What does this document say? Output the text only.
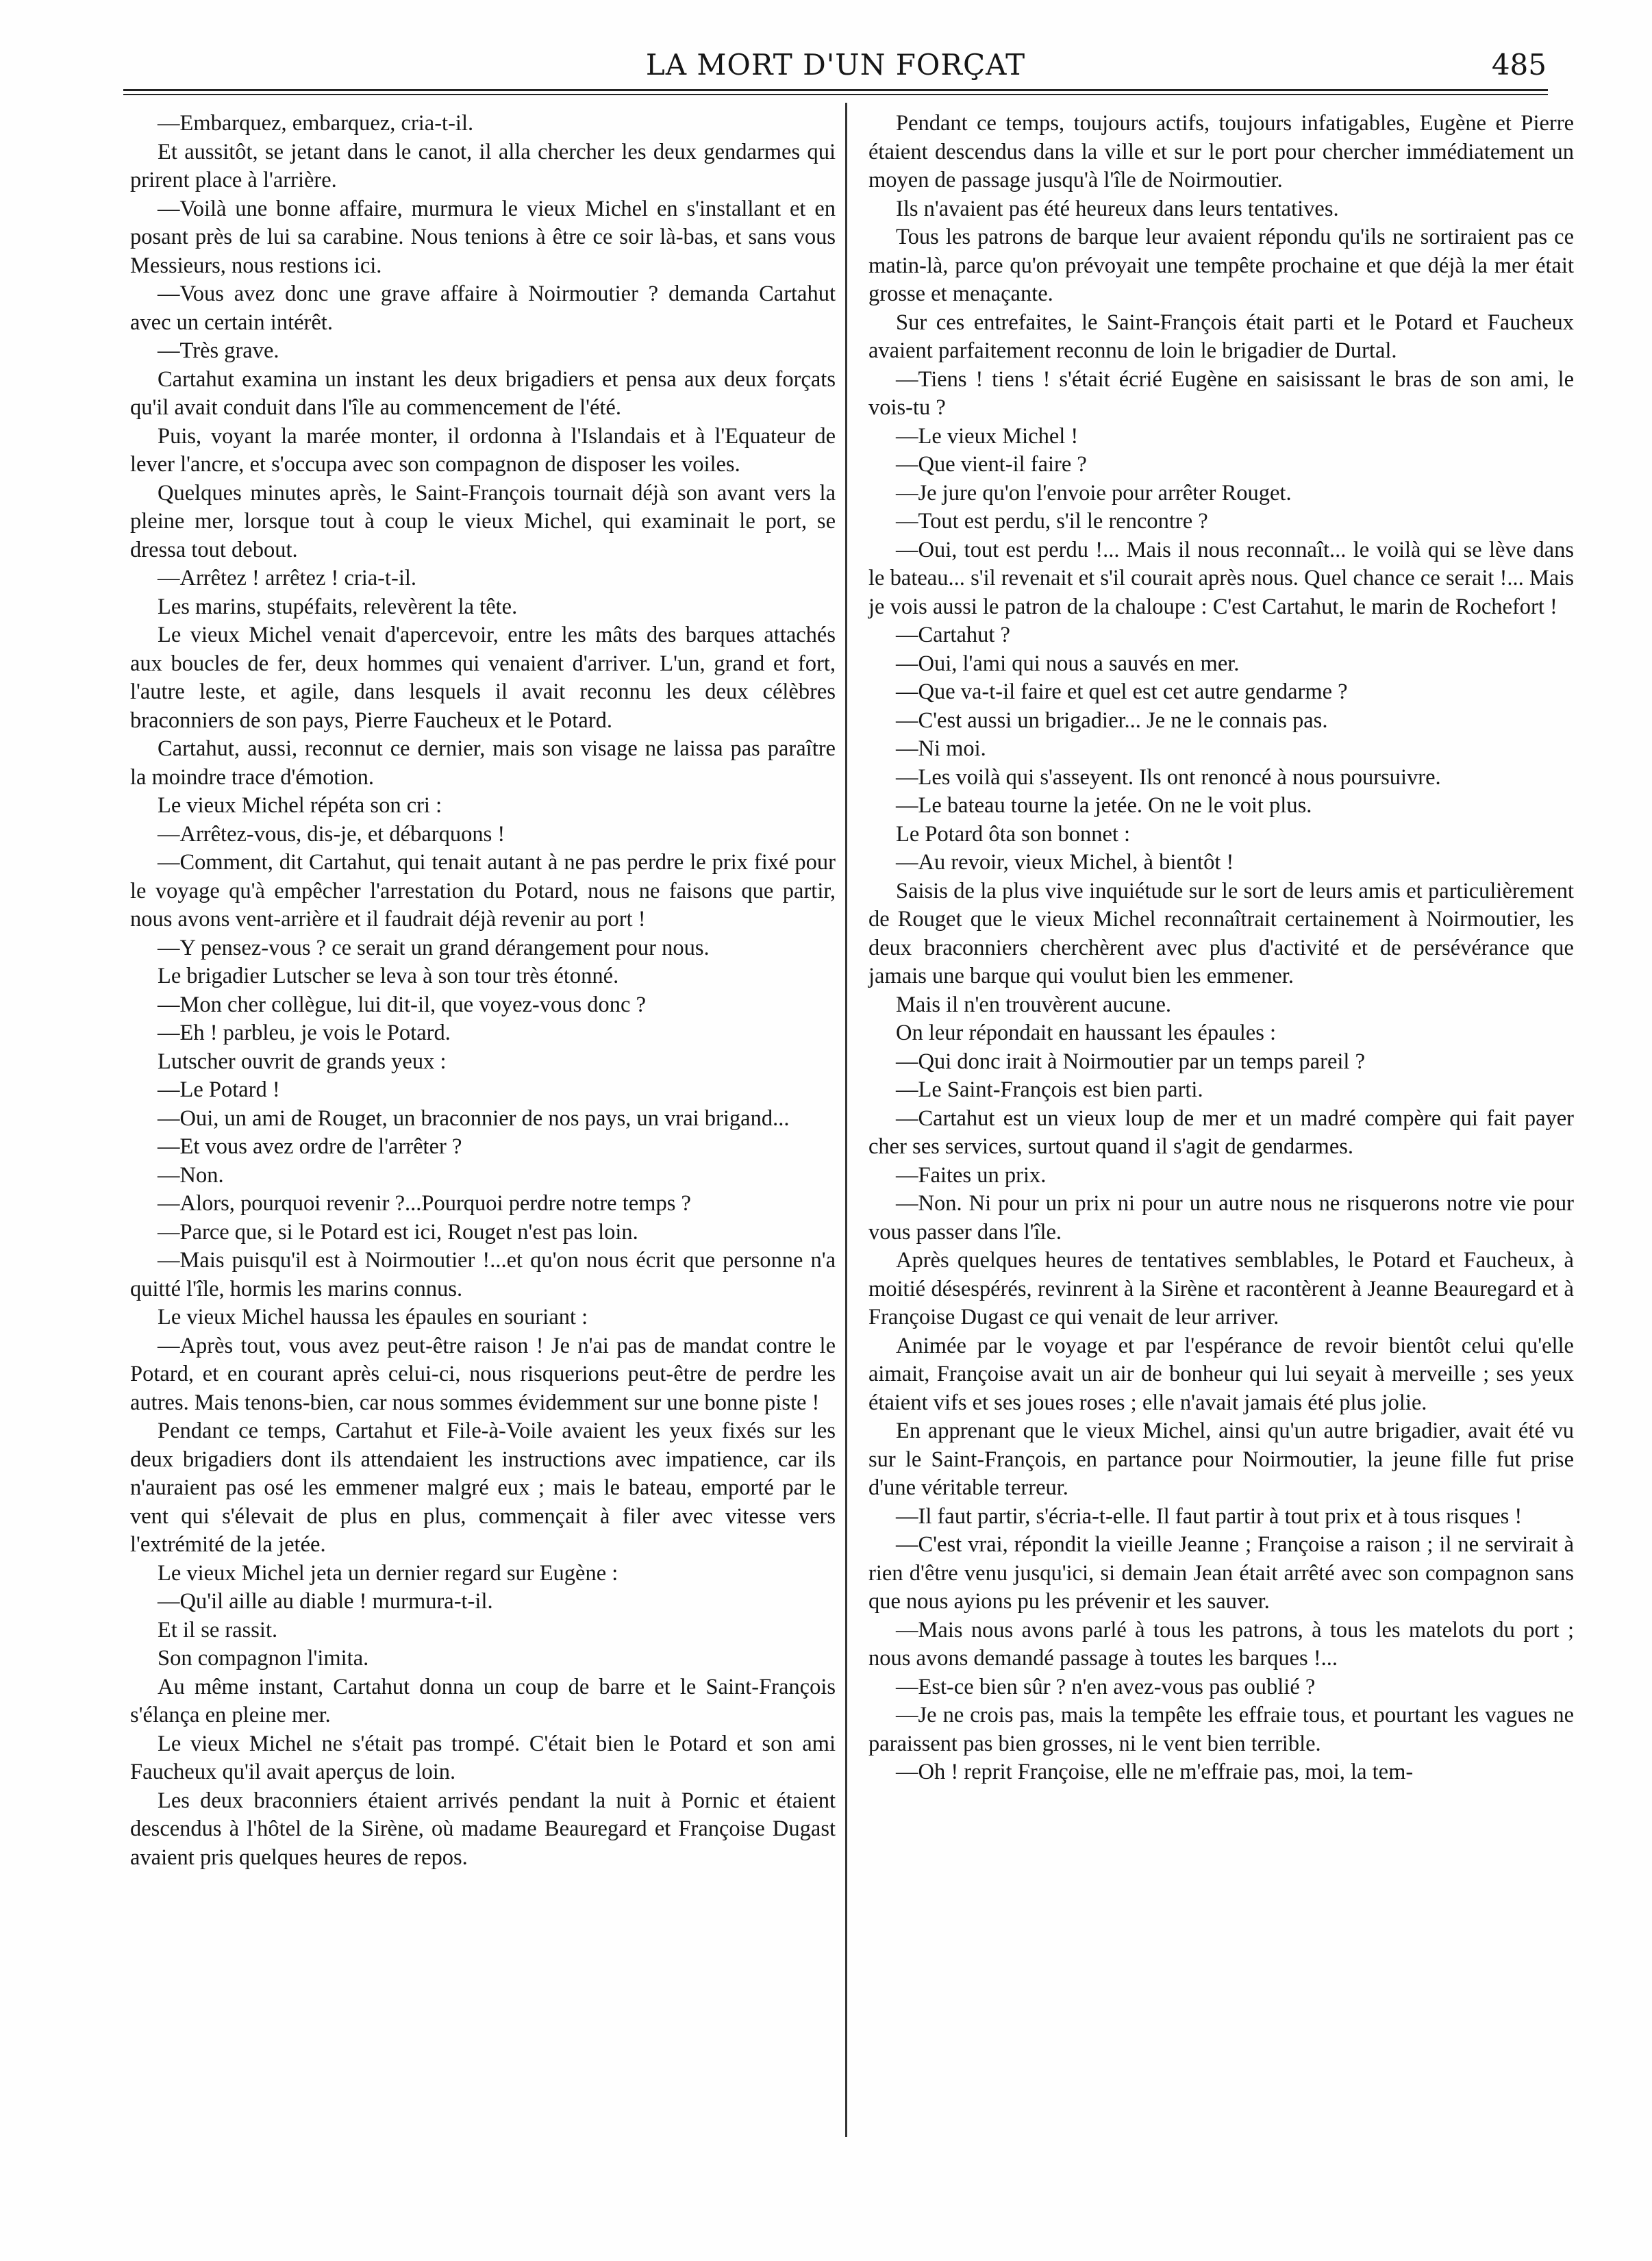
LA MORT D'UN FORÇAT	485

—Embarquez, embarquez, cria-t-il.

Et aussitôt, se jetant dans le canot, il alla chercher les deux gendarmes qui prirent place à l'arrière.

—Voilà une bonne affaire, murmura le vieux Michel en s'installant et en posant près de lui sa carabine. Nous tenions à être ce soir là-bas, et sans vous Messieurs, nous restions ici.

—Vous avez donc une grave affaire à Noirmoutier ? demanda Cartahut avec un certain intérêt.

—Très grave.

Cartahut examina un instant les deux brigadiers et pensa aux deux forçats qu'il avait conduit dans l'île au commencement de l'été.

Puis, voyant la marée monter, il ordonna à l'Islandais et à l'Equateur de lever l'ancre, et s'occupa avec son compagnon de disposer les voiles.

Quelques minutes après, le Saint-François tournait déjà son avant vers la pleine mer, lorsque tout à coup le vieux Michel, qui examinait le port, se dressa tout debout.

—Arrêtez ! arrêtez ! cria-t-il.

Les marins, stupéfaits, relevèrent la tête.

Le vieux Michel venait d'apercevoir, entre les mâts des barques attachés aux boucles de fer, deux hommes qui venaient d'arriver. L'un, grand et fort, l'autre leste, et agile, dans lesquels il avait reconnu les deux célèbres braconniers de son pays, Pierre Faucheux et le Potard.

Cartahut, aussi, reconnut ce dernier, mais son visage ne laissa pas paraître la moindre trace d'émotion.

Le vieux Michel répéta son cri :

—Arrêtez-vous, dis-je, et débarquons !

—Comment, dit Cartahut, qui tenait autant à ne pas perdre le prix fixé pour le voyage qu'à empêcher l'arrestation du Potard, nous ne faisons que partir, nous avons vent-arrière et il faudrait déjà revenir au port !

—Y pensez-vous ? ce serait un grand dérangement pour nous.

Le brigadier Lutscher se leva à son tour très étonné.

—Mon cher collègue, lui dit-il, que voyez-vous donc ?

—Eh ! parbleu, je vois le Potard.

Lutscher ouvrit de grands yeux :

—Le Potard !

—Oui, un ami de Rouget, un braconnier de nos pays, un vrai brigand...

—Et vous avez ordre de l'arrêter ?

—Non.

—Alors, pourquoi revenir ?...Pourquoi perdre notre temps ?

—Parce que, si le Potard est ici, Rouget n'est pas loin.

—Mais puisqu'il est à Noirmoutier !...et qu'on nous écrit que personne n'a quitté l'île, hormis les marins connus.

Le vieux Michel haussa les épaules en souriant :

—Après tout, vous avez peut-être raison ! Je n'ai pas de mandat contre le Potard, et en courant après celui-ci, nous risquerions peut-être de perdre les autres. Mais tenons-bien, car nous sommes évidemment sur une bonne piste !

Pendant ce temps, Cartahut et File-à-Voile avaient les yeux fixés sur les deux brigadiers dont ils attendaient les instructions avec impatience, car ils n'auraient pas osé les emmener malgré eux ; mais le bateau, emporté par le vent qui s'élevait de plus en plus, commençait à filer avec vitesse vers l'extrémité de la jetée.

Le vieux Michel jeta un dernier regard sur Eugène :

—Qu'il aille au diable ! murmura-t-il.

Et il se rassit.

Son compagnon l'imita.

Au même instant, Cartahut donna un coup de barre et le Saint-François s'élança en pleine mer.

Le vieux Michel ne s'était pas trompé. C'était bien le Potard et son ami Faucheux qu'il avait aperçus de loin.

Les deux braconniers étaient arrivés pendant la nuit à Pornic et étaient descendus à l'hôtel de la Sirène, où madame Beauregard et Françoise Dugast avaient pris quelques heures de repos.

Pendant ce temps, toujours actifs, toujours infatigables, Eugène et Pierre étaient descendus dans la ville et sur le port pour chercher immédiatement un moyen de passage jusqu'à l'île de Noirmoutier.

Ils n'avaient pas été heureux dans leurs tentatives.

Tous les patrons de barque leur avaient répondu qu'ils ne sortiraient pas ce matin-là, parce qu'on prévoyait une tempête prochaine et que déjà la mer était grosse et menaçante.

Sur ces entrefaites, le Saint-François était parti et le Potard et Faucheux avaient parfaitement reconnu de loin le brigadier de Durtal.

—Tiens ! tiens ! s'était écrié Eugène en saisissant le bras de son ami, le vois-tu ?

—Le vieux Michel !

—Que vient-il faire ?

—Je jure qu'on l'envoie pour arrêter Rouget.

—Tout est perdu, s'il le rencontre ?

—Oui, tout est perdu !... Mais il nous reconnaît... le voilà qui se lève dans le bateau... s'il revenait et s'il courait après nous. Quel chance ce serait !... Mais je vois aussi le patron de la chaloupe : C'est Cartahut, le marin de Rochefort !

—Cartahut ?

—Oui, l'ami qui nous a sauvés en mer.

—Que va-t-il faire et quel est cet autre gendarme ?

—C'est aussi un brigadier... Je ne le connais pas.

—Ni moi.

—Les voilà qui s'asseyent. Ils ont renoncé à nous poursuivre.

—Le bateau tourne la jetée. On ne le voit plus.

Le Potard ôta son bonnet :

—Au revoir, vieux Michel, à bientôt !

Saisis de la plus vive inquiétude sur le sort de leurs amis et particulièrement de Rouget que le vieux Michel reconnaîtrait certainement à Noirmoutier, les deux braconniers cherchèrent avec plus d'activité et de persévérance que jamais une barque qui voulut bien les emmener.

Mais il n'en trouvèrent aucune.

On leur répondait en haussant les épaules :

—Qui donc irait à Noirmoutier par un temps pareil ?

—Le Saint-François est bien parti.

—Cartahut est un vieux loup de mer et un madré compère qui fait payer cher ses services, surtout quand il s'agit de gendarmes.

—Faites un prix.

—Non. Ni pour un prix ni pour un autre nous ne risquerons notre vie pour vous passer dans l'île.

Après quelques heures de tentatives semblables, le Potard et Faucheux, à moitié désespérés, revinrent à la Sirène et racontèrent à Jeanne Beauregard et à Françoise Dugast ce qui venait de leur arriver.

Animée par le voyage et par l'espérance de revoir bientôt celui qu'elle aimait, Françoise avait un air de bonheur qui lui seyait à merveille ; ses yeux étaient vifs et ses joues roses ; elle n'avait jamais été plus jolie.

En apprenant que le vieux Michel, ainsi qu'un autre brigadier, avait été vu sur le Saint-François, en partance pour Noirmoutier, la jeune fille fut prise d'une véritable terreur.

—Il faut partir, s'écria-t-elle. Il faut partir à tout prix et à tous risques !

—C'est vrai, répondit la vieille Jeanne ; Françoise a raison ; il ne servirait à rien d'être venu jusqu'ici, si demain Jean était arrêté avec son compagnon sans que nous ayions pu les prévenir et les sauver.

—Mais nous avons parlé à tous les patrons, à tous les matelots du port ; nous avons demandé passage à toutes les barques !...

—Est-ce bien sûr ? n'en avez-vous pas oublié ?

—Je ne crois pas, mais la tempête les effraie tous, et pourtant les vagues ne paraissent pas bien grosses, ni le vent bien terrible.

—Oh ! reprit Françoise, elle ne m'effraie pas, moi, la tem-
